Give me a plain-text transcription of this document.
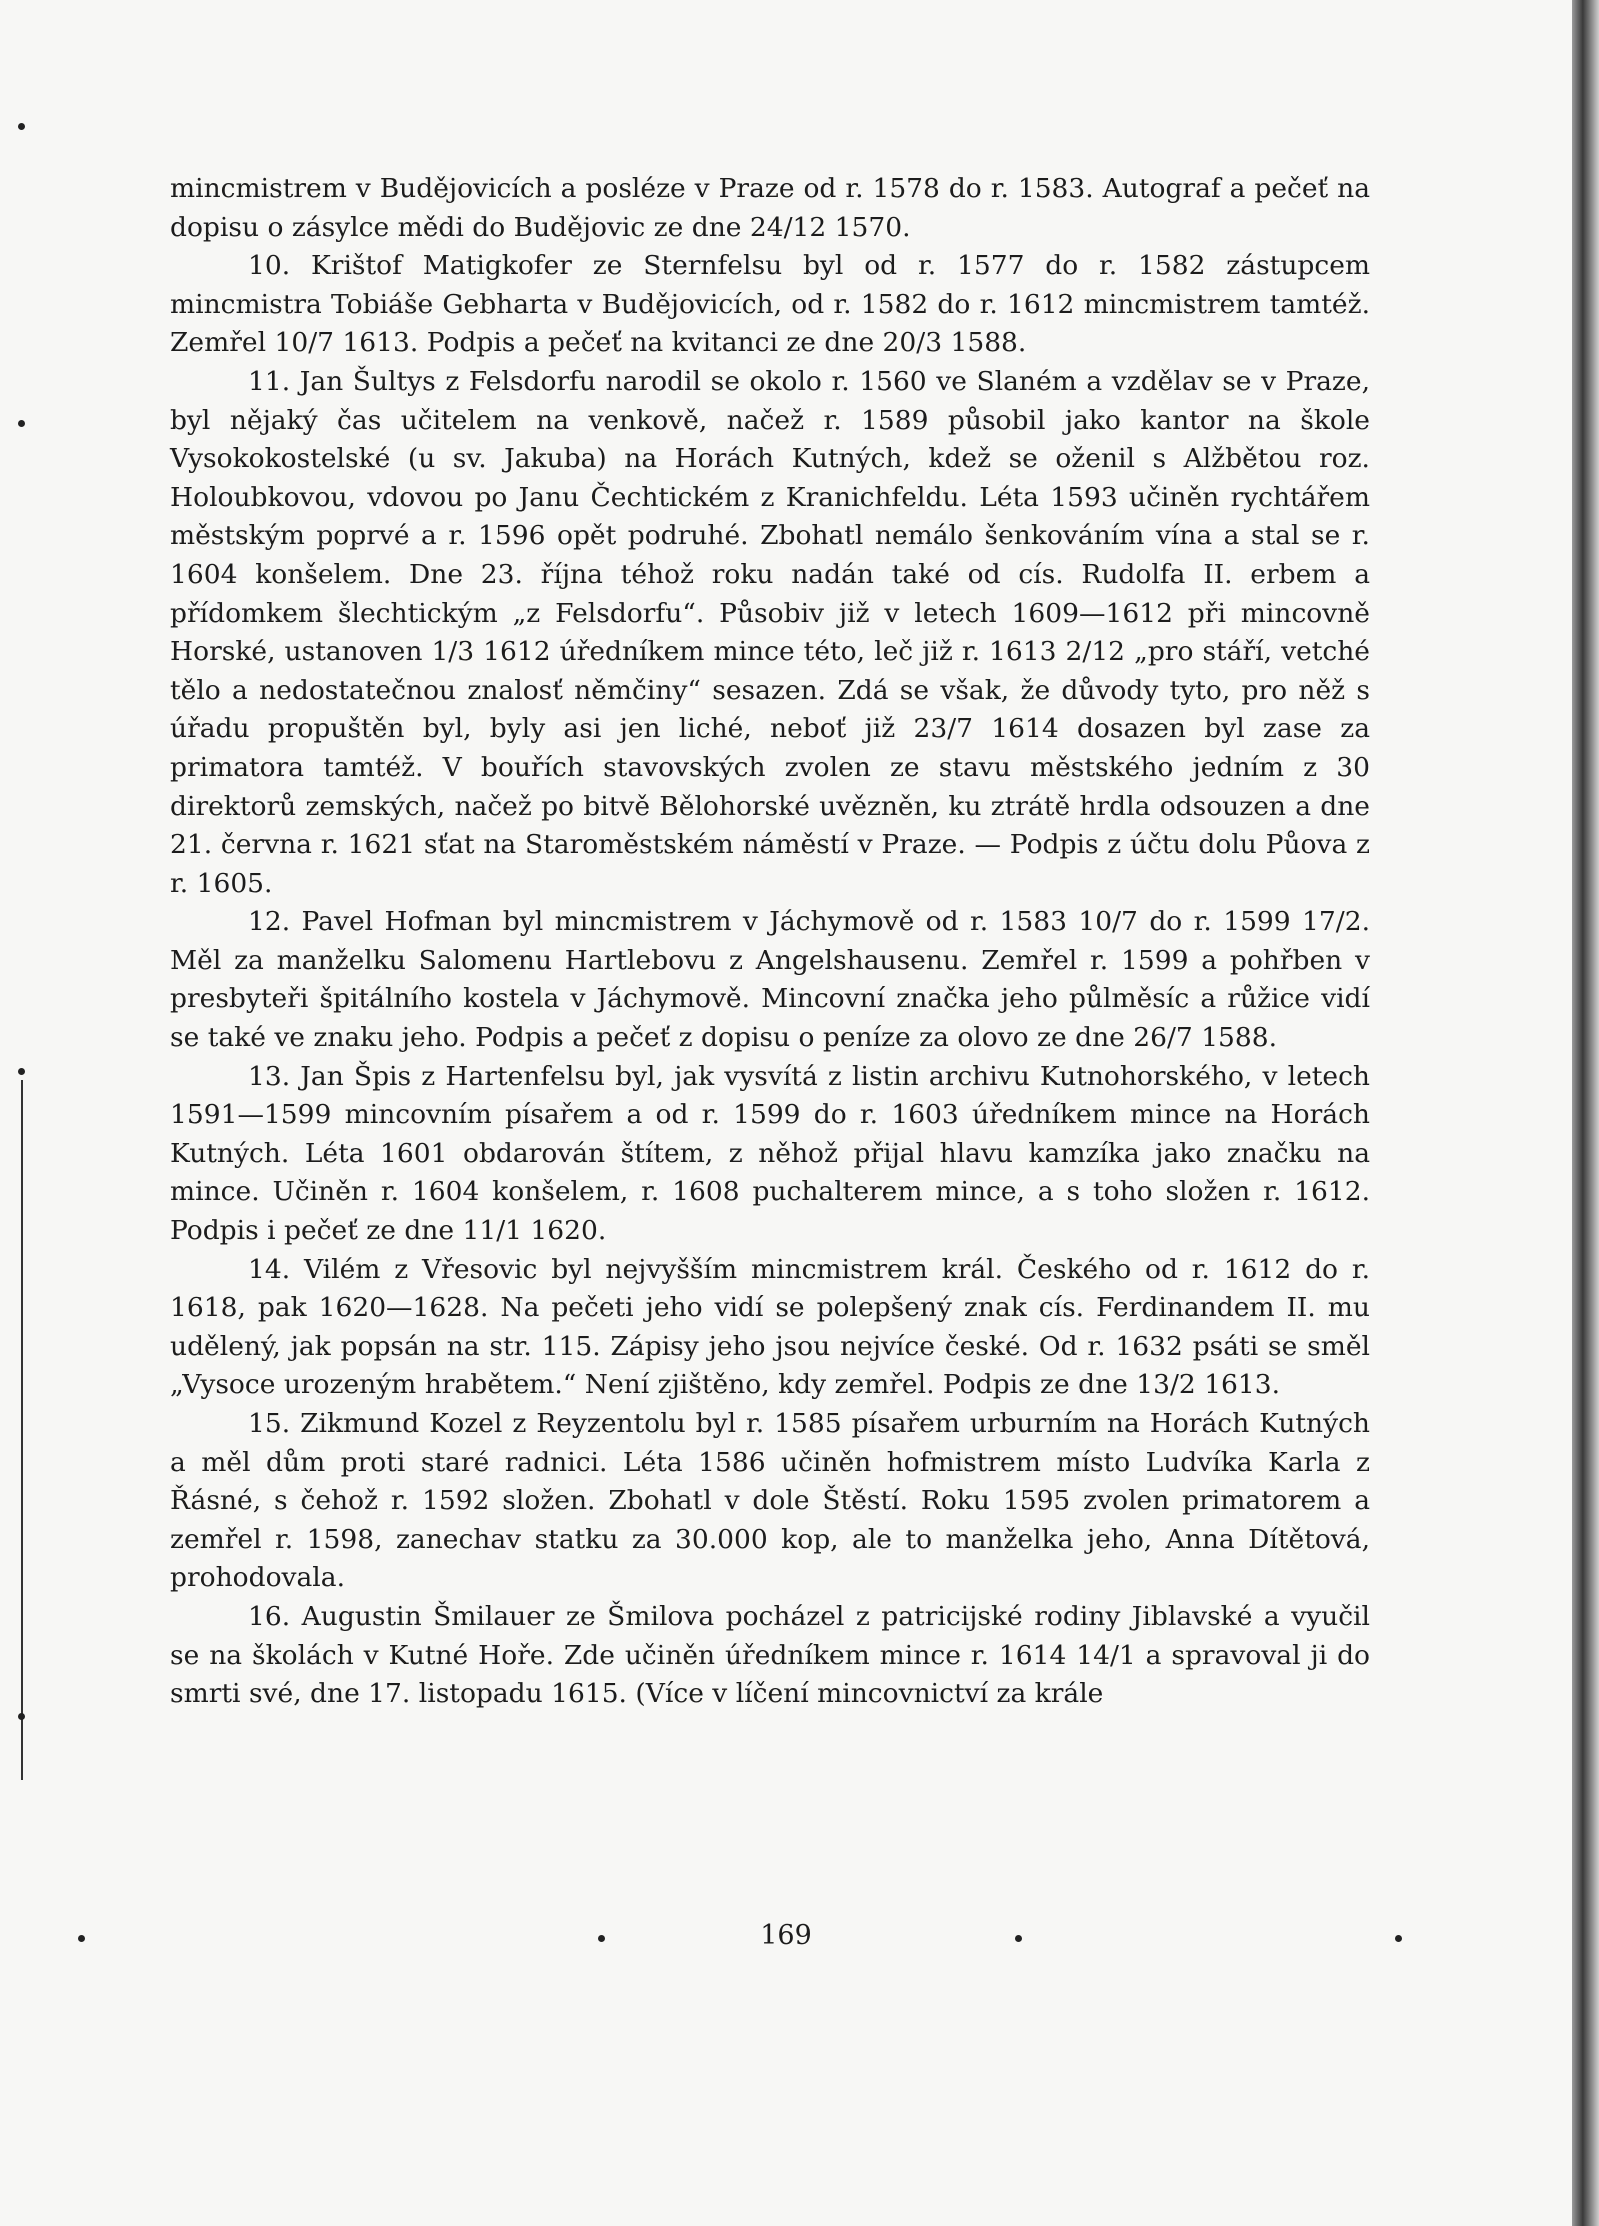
mincmistrem v Budějovicích a posléze v Praze od r. 1578 do r. 1583. Autograf a pečeť na dopisu o zásylce mědi do Budějovic ze dne 24/12 1570.

10. Krištof Matigkofer ze Sternfelsu byl od r. 1577 do r. 1582 zástupcem mincmistra Tobiáše Gebharta v Budějovicích, od r. 1582 do r. 1612 mincmistrem tamtéž. Zemřel 10/7 1613. Podpis a pečeť na kvitanci ze dne 20/3 1588.

11. Jan Šultys z Felsdorfu narodil se okolo r. 1560 ve Slaném a vzdělav se v Praze, byl nějaký čas učitelem na venkově, načež r. 1589 působil jako kantor na škole Vysokokostelské (u sv. Jakuba) na Horách Kutných, kdež se oženil s Alžbětou roz. Holoubkovou, vdovou po Janu Čechtickém z Kranichfeldu. Léta 1593 učiněn rychtářem městským poprvé a r. 1596 opět podruhé. Zbohatl nemálo šenkováním vína a stal se r. 1604 konšelem. Dne 23. října téhož roku nadán také od cís. Rudolfa II. erbem a přídomkem šlechtickým „z Felsdorfu“. Působiv již v letech 1609—1612 při mincovně Horské, ustanoven 1/3 1612 úředníkem mince této, leč již r. 1613 2/12 „pro stáří, vetché tělo a nedostatečnou znalosť němčiny“ sesazen. Zdá se však, že důvody tyto, pro něž s úřadu propuštěn byl, byly asi jen liché, neboť již 23/7 1614 dosazen byl zase za primatora tamtéž. V bouřích stavovských zvolen ze stavu městského jedním z 30 direktorů zemských, načež po bitvě Bělohorské uvězněn, ku ztrátě hrdla odsouzen a dne 21. června r. 1621 sťat na Staroměstském náměstí v Praze. — Podpis z účtu dolu Půova z r. 1605.

12. Pavel Hofman byl mincmistrem v Jáchymově od r. 1583 10/7 do r. 1599 17/2. Měl za manželku Salomenu Hartlebovu z Angelshausenu. Zemřel r. 1599 a pohřben v presbyteři špitálního kostela v Jáchymově. Mincovní značka jeho půlměsíc a růžice vidí se také ve znaku jeho. Podpis a pečeť z dopisu o peníze za olovo ze dne 26/7 1588.

13. Jan Špis z Hartenfelsu byl, jak vysvítá z listin archivu Kutnohorského, v letech 1591—1599 mincovním písařem a od r. 1599 do r. 1603 úředníkem mince na Horách Kutných. Léta 1601 obdarován štítem, z něhož přijal hlavu kamzíka jako značku na mince. Učiněn r. 1604 konšelem, r. 1608 puchalterem mince, a s toho složen r. 1612. Podpis i pečeť ze dne 11/1 1620.

14. Vilém z Vřesovic byl nejvyšším mincmistrem král. Českého od r. 1612 do r. 1618, pak 1620—1628. Na pečeti jeho vidí se polepšený znak cís. Ferdinandem II. mu udělený, jak popsán na str. 115. Zápisy jeho jsou nejvíce české. Od r. 1632 psáti se směl „Vysoce urozeným hrabětem.“ Není zjištěno, kdy zemřel. Podpis ze dne 13/2 1613.

15. Zikmund Kozel z Reyzentolu byl r. 1585 písařem urburním na Horách Kutných a měl dům proti staré radnici. Léta 1586 učiněn hofmistrem místo Ludvíka Karla z Řásné, s čehož r. 1592 složen. Zbohatl v dole Štěstí. Roku 1595 zvolen primatorem a zemřel r. 1598, zanechav statku za 30.000 kop, ale to manželka jeho, Anna Dítětová, prohodovala.

16. Augustin Šmilauer ze Šmilova pocházel z patricijské rodiny Jiblavské a vyučil se na školách v Kutné Hoře. Zde učiněn úředníkem mince r. 1614 14/1 a spravoval ji do smrti své, dne 17. listopadu 1615. (Více v líčení mincovnictví za krále

169
